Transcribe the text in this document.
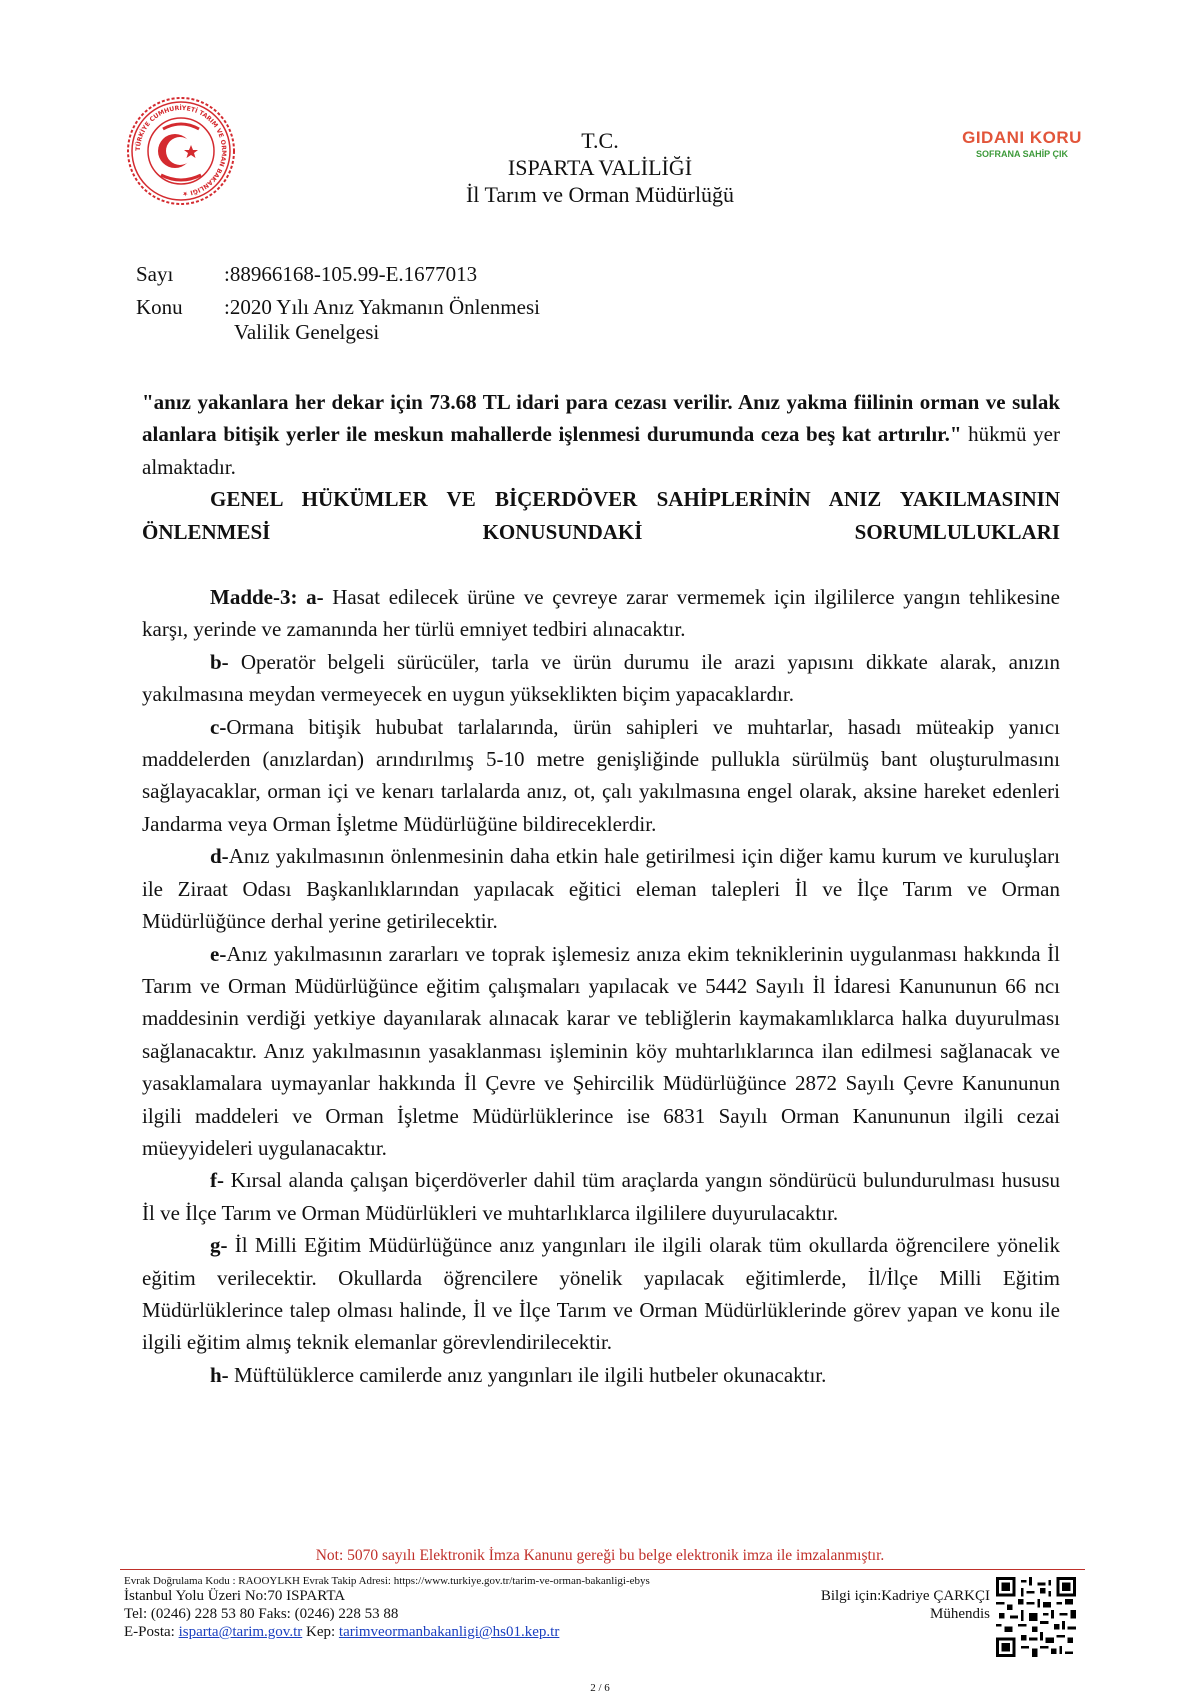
TÜRKİYE CUMHURİYETİ TARIM VE ORMAN BAKANLIĞI ★
T.C.
ISPARTA VALİLİĞİ
İl Tarım ve Orman Müdürlüğü
GIDANI KORU
SOFRANA SAHİP ÇIK
Sayı :88966168-105.99-E.1677013
Konu :2020 Yılı Anız Yakmanın Önlenmesi
Valilik Genelgesi

"anız yakanlara her dekar için 73.68 TL idari para cezası verilir. Anız yakma fiilinin orman ve sulak alanlara bitişik yerler ile meskun mahallerde işlenmesi durumunda ceza beş kat artırılır." hükmü yer almaktadır.

GENEL HÜKÜMLER VE BİÇERDÖVER SAHİPLERİNİN ANIZ YAKILMASININ ÖNLENMESİ KONUSUNDAKİ SORUMLULUKLARI

Madde-3: a- Hasat edilecek ürüne ve çevreye zarar vermemek için ilgililerce yangın tehlikesine karşı, yerinde ve zamanında her türlü emniyet tedbiri alınacaktır.

b- Operatör belgeli sürücüler, tarla ve ürün durumu ile arazi yapısını dikkate alarak, anızın yakılmasına meydan vermeyecek en uygun yükseklikten biçim yapacaklardır.

c-Ormana bitişik hububat tarlalarında, ürün sahipleri ve muhtarlar, hasadı müteakip yanıcı maddelerden (anızlardan) arındırılmış 5-10 metre genişliğinde pullukla sürülmüş bant oluşturulmasını sağlayacaklar, orman içi ve kenarı tarlalarda anız, ot, çalı yakılmasına engel olarak, aksine hareket edenleri Jandarma veya Orman İşletme Müdürlüğüne bildireceklerdir.

d-Anız yakılmasının önlenmesinin daha etkin hale getirilmesi için diğer kamu kurum ve kuruluşları ile Ziraat Odası Başkanlıklarından yapılacak eğitici eleman talepleri İl ve İlçe Tarım ve Orman Müdürlüğünce derhal yerine getirilecektir.

e-Anız yakılmasının zararları ve toprak işlemesiz anıza ekim tekniklerinin uygulanması hakkında İl Tarım ve Orman Müdürlüğünce eğitim çalışmaları yapılacak ve 5442 Sayılı İl İdaresi Kanununun 66 ncı maddesinin verdiği yetkiye dayanılarak alınacak karar ve tebliğlerin kaymakamlıklarca halka duyurulması sağlanacaktır. Anız yakılmasının yasaklanması işleminin köy muhtarlıklarınca ilan edilmesi sağlanacak ve yasaklamalara uymayanlar hakkında İl Çevre ve Şehircilik Müdürlüğünce 2872 Sayılı Çevre Kanununun ilgili maddeleri ve Orman İşletme Müdürlüklerince ise 6831 Sayılı Orman Kanununun ilgili cezai müeyyideleri uygulanacaktır.

f- Kırsal alanda çalışan biçerdöverler dahil tüm araçlarda yangın söndürücü bulundurulması hususu İl ve İlçe Tarım ve Orman Müdürlükleri ve muhtarlıklarca ilgililere duyurulacaktır.

g- İl Milli Eğitim Müdürlüğünce anız yangınları ile ilgili olarak tüm okullarda öğrencilere yönelik eğitim verilecektir. Okullarda öğrencilere yönelik yapılacak eğitimlerde, İl/İlçe Milli Eğitim Müdürlüklerince talep olması halinde, İl ve İlçe Tarım ve Orman Müdürlüklerinde görev yapan ve konu ile ilgili eğitim almış teknik elemanlar görevlendirilecektir.

h- Müftülüklerce camilerde anız yangınları ile ilgili hutbeler okunacaktır.

Not: 5070 sayılı Elektronik İmza Kanunu gereği bu belge elektronik imza ile imzalanmıştır.
Evrak Doğrulama Kodu : RAOOYLKH Evrak Takip Adresi: https://www.turkiye.gov.tr/tarim-ve-orman-bakanligi-ebys
İstanbul Yolu Üzeri No:70 ISPARTA
Tel: (0246) 228 53 80 Faks: (0246) 228 53 88
E-Posta: isparta@tarim.gov.tr Kep: tarimveormanbakanligi@hs01.kep.tr
Bilgi için:Kadriye ÇARKÇI
Mühendis
2 / 6
